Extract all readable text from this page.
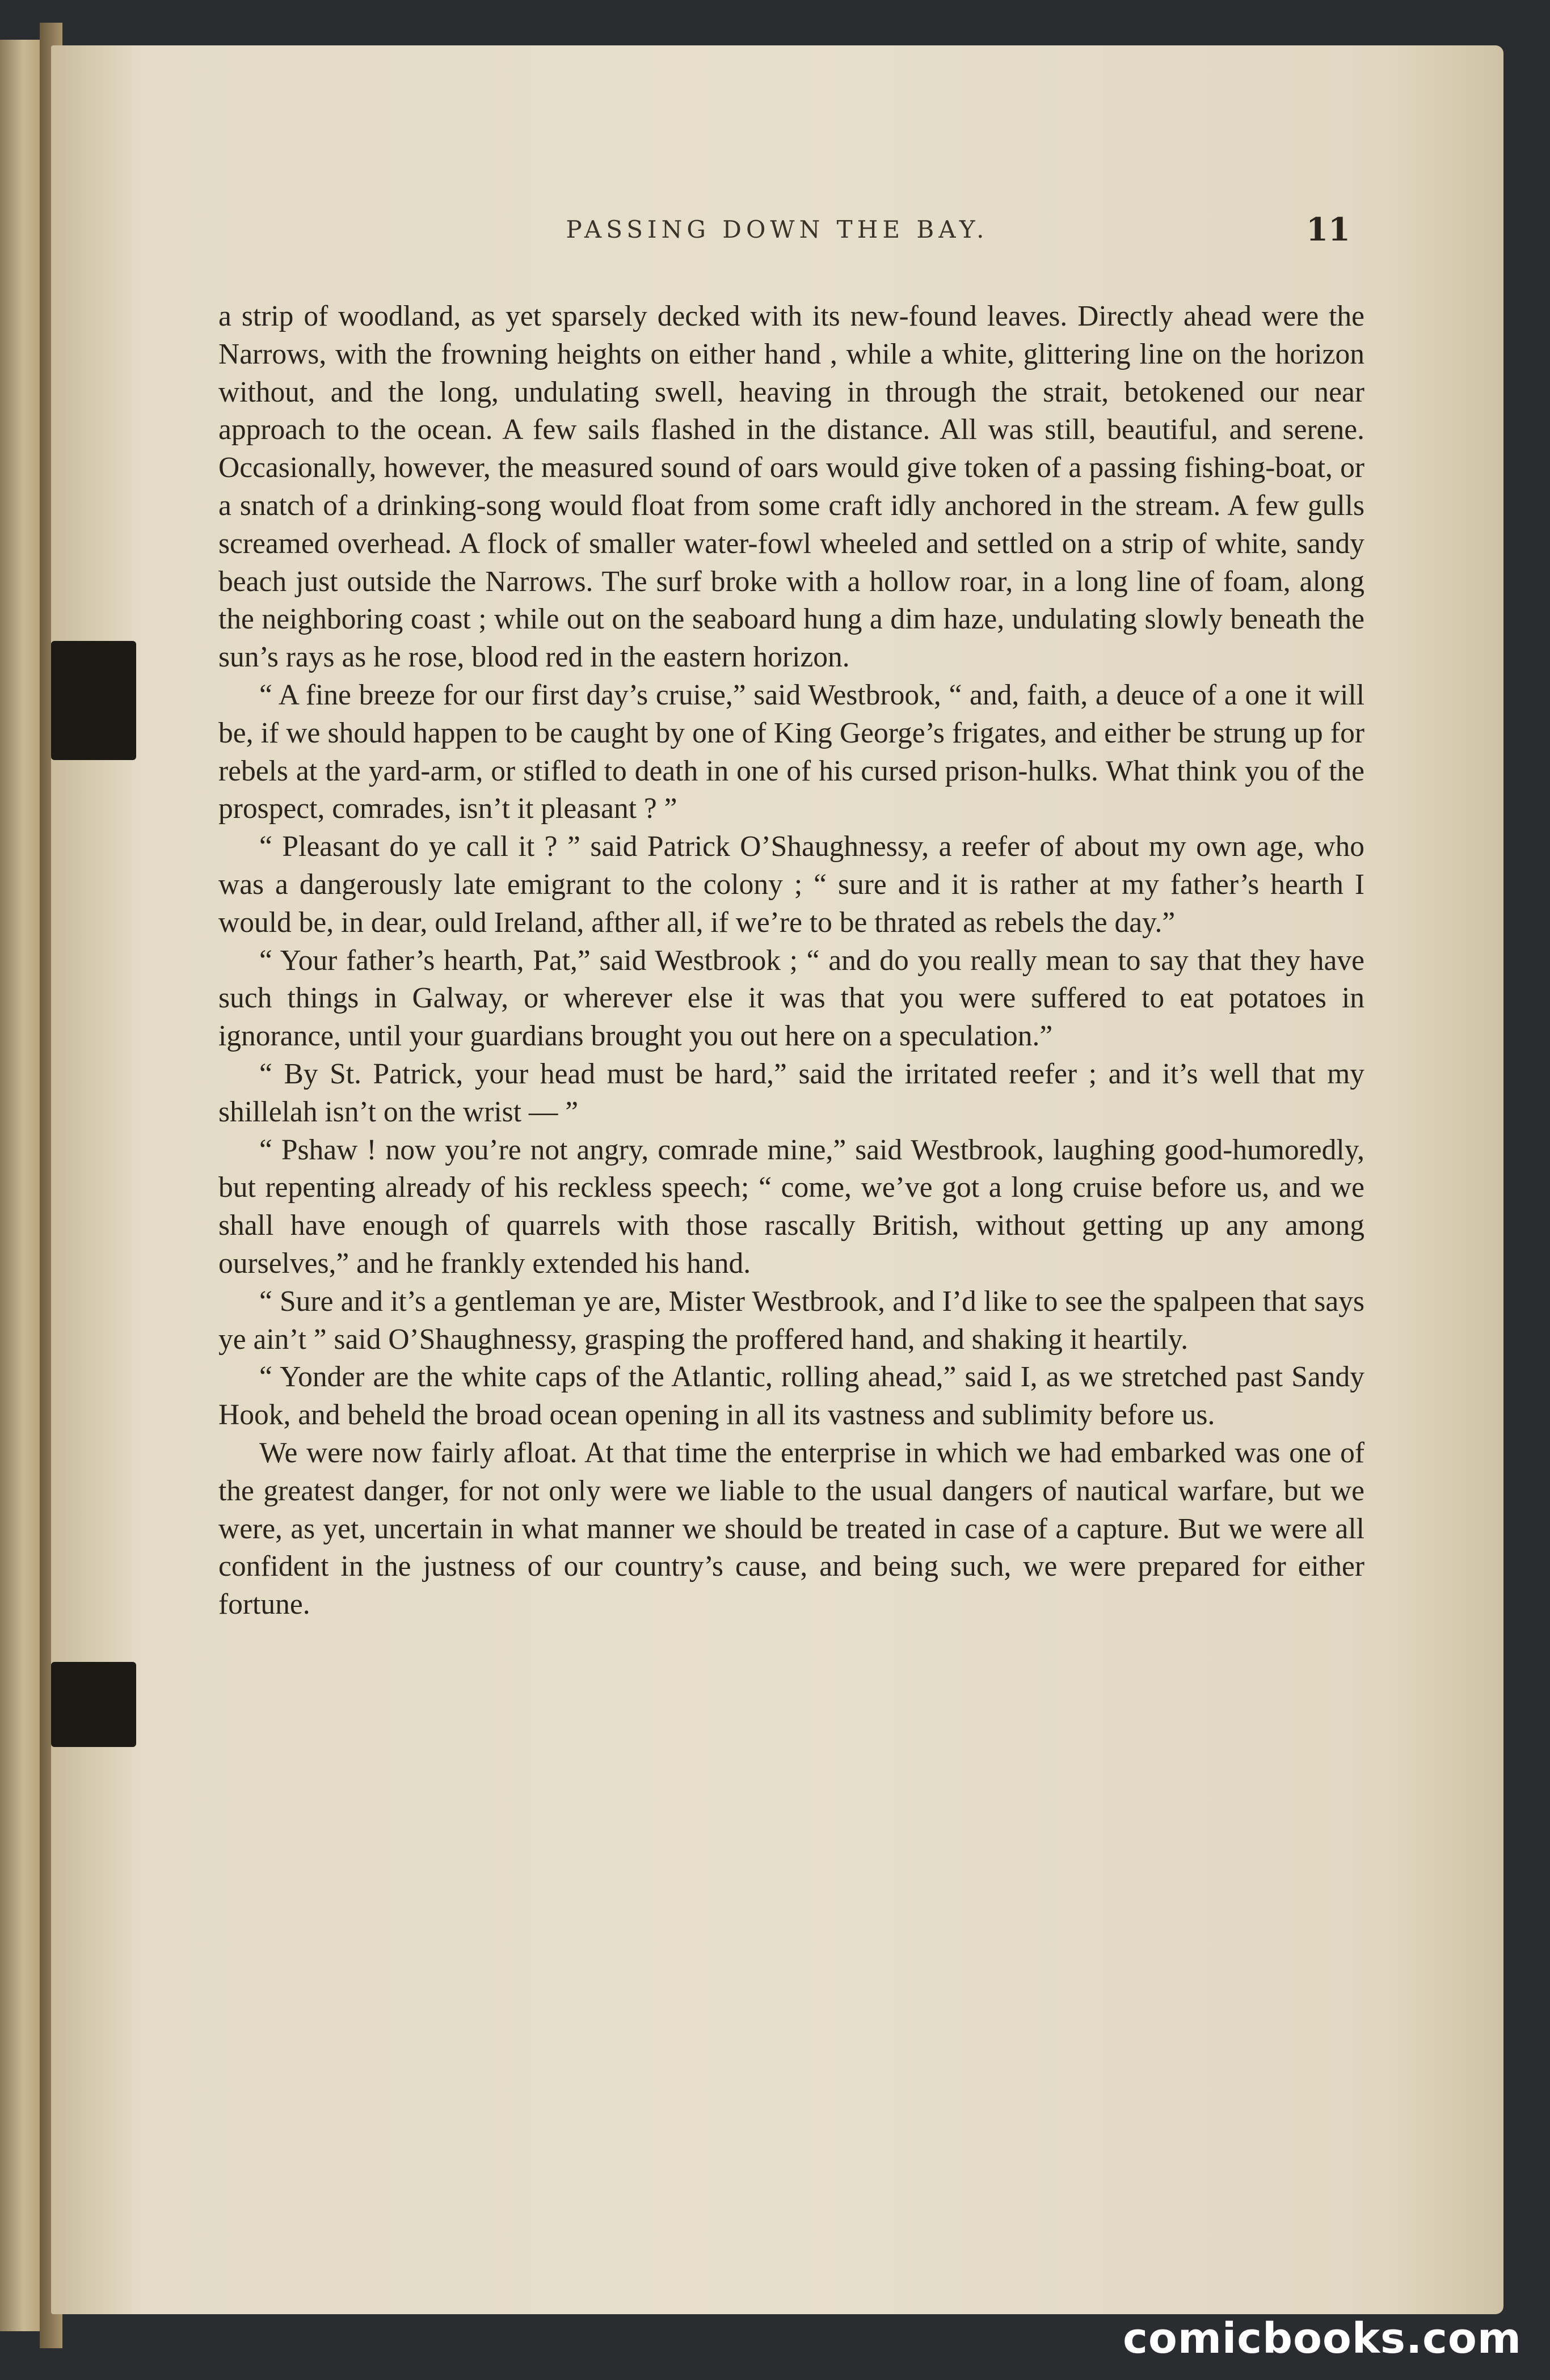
PASSING DOWN THE BAY.	11

a strip of woodland, as yet sparsely decked with its new-found leaves. Directly ahead were the Narrows, with the frowning heights on either hand , while a white, glittering line on the horizon without, and the long, undulating swell, heaving in through the strait, betokened our near approach to the ocean. A few sails flashed in the distance. All was still, beautiful, and serene. Occasionally, however, the measured sound of oars would give token of a passing fishing-boat, or a snatch of a drinking-song would float from some craft idly anchored in the stream. A few gulls screamed overhead. A flock of smaller water-fowl wheeled and settled on a strip of white, sandy beach just outside the Narrows. The surf broke with a hollow roar, in a long line of foam, along the neighboring coast ; while out on the seaboard hung a dim haze, undulating slowly beneath the sun’s rays as he rose, blood red in the eastern horizon.

“ A fine breeze for our first day’s cruise,” said Westbrook, “ and, faith, a deuce of a one it will be, if we should happen to be caught by one of King George’s frigates, and either be strung up for rebels at the yard-arm, or stifled to death in one of his cursed prison-hulks. What think you of the prospect, comrades, isn’t it pleasant ? ”

“ Pleasant do ye call it ? ” said Patrick O’Shaughnessy, a reefer of about my own age, who was a dangerously late emigrant to the colony ; “ sure and it is rather at my father’s hearth I would be, in dear, ould Ireland, afther all, if we’re to be thrated as rebels the day.”

“ Your father’s hearth, Pat,” said Westbrook ; “ and do you really mean to say that they have such things in Galway, or wherever else it was that you were suffered to eat potatoes in ignorance, until your guardians brought you out here on a speculation.”

“ By St. Patrick, your head must be hard,” said the irritated reefer ; and it’s well that my shillelah isn’t on the wrist — ”

“ Pshaw ! now you’re not angry, comrade mine,” said Westbrook, laughing good-humoredly, but repenting already of his reckless speech; “ come, we’ve got a long cruise before us, and we shall have enough of quarrels with those rascally British, without getting up any among ourselves,” and he frankly extended his hand.

“ Sure and it’s a gentleman ye are, Mister Westbrook, and I’d like to see the spalpeen that says ye ain’t ” said O’Shaughnessy, grasping the proffered hand, and shaking it heartily.

“ Yonder are the white caps of the Atlantic, rolling ahead,” said I, as we stretched past Sandy Hook, and beheld the broad ocean opening in all its vastness and sublimity before us.

We were now fairly afloat. At that time the enterprise in which we had embarked was one of the greatest danger, for not only were we liable to the usual dangers of nautical warfare, but we were, as yet, uncertain in what manner we should be treated in case of a capture. But we were all confident in the justness of our country’s cause, and being such, we were prepared for either fortune.

comicbooks.com
